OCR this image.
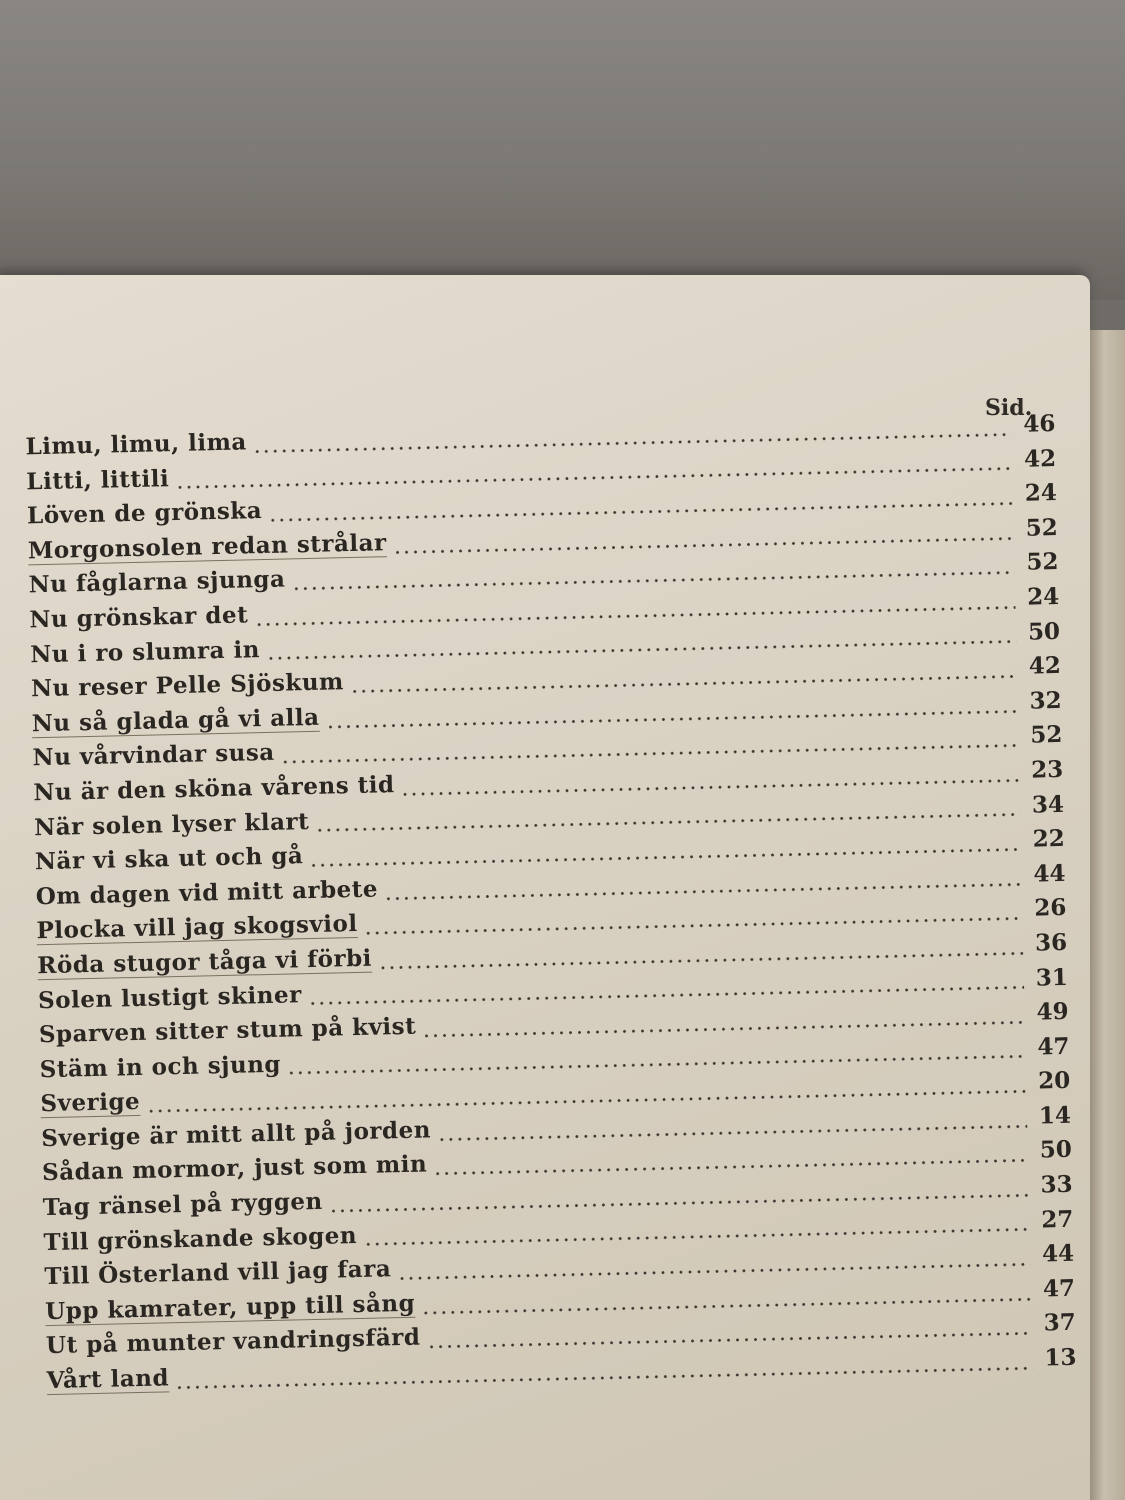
Sid.

Limu, limu, lima
46
Litti, littili
42
Löven de grönska
24
Morgonsolen redan strålar
52
Nu fåglarna sjunga
52
Nu grönskar det
24
Nu i ro slumra in
50
Nu reser Pelle Sjöskum
42
Nu så glada gå vi alla
32
Nu vårvindar susa
52
Nu är den sköna vårens tid
23
När solen lyser klart
34
När vi ska ut och gå
22
Om dagen vid mitt arbete
44
Plocka vill jag skogsviol
26
Röda stugor tåga vi förbi
36
Solen lustigt skiner
31
Sparven sitter stum på kvist
49
Stäm in och sjung
47
Sverige
20
Sverige är mitt allt på jorden
14
Sådan mormor, just som min
50
Tag ränsel på ryggen
33
Till grönskande skogen
27
Till Österland vill jag fara
44
Upp kamrater, upp till sång
47
Ut på munter vandringsfärd
37
Vårt land
13
